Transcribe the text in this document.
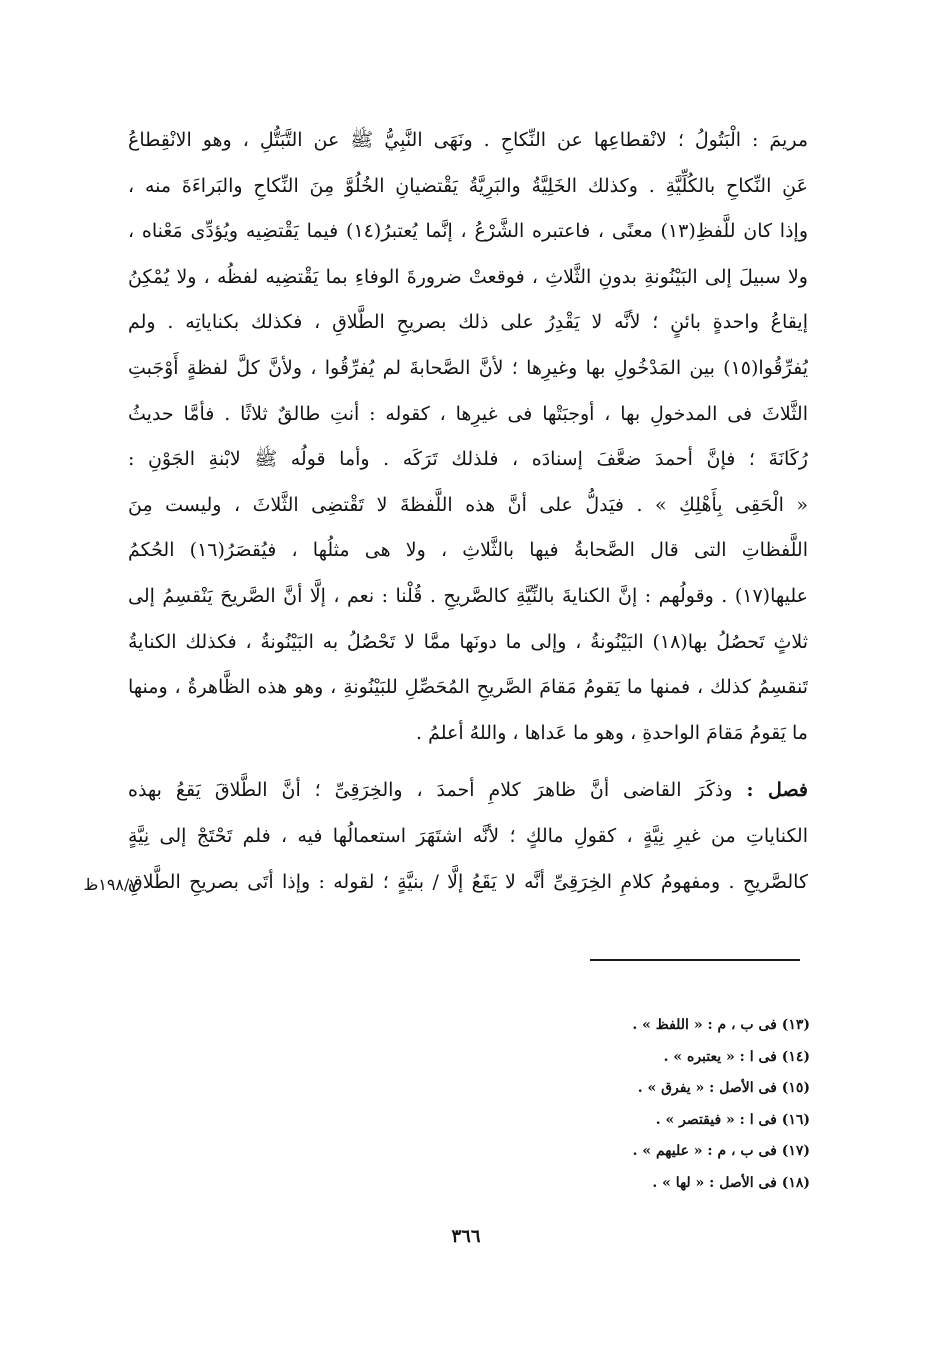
مريمَ : الْبَتُولُ ؛ لانْقطاعِها عن النِّكاحِ . ونَهَى النَّبِيُّ ﷺ عن التَّبَتُّلِ ، وهو الانْقِطاعُ
عَنِ النِّكاحِ بالكُلِّيَّةِ . وكذلك الخَلِيَّةُ والبَرِيَّةُ يَقْتضيانِ الخُلُوَّ مِنَ النِّكاحِ والبَراءَةَ منه ،
وإذا كان للَّفظِ(١٣) معنًى ، فاعتبره الشَّرْعُ ، إنَّما يُعتبرُ(١٤) فيما يَقْتضِيه ويُؤدِّى مَعْناه ،
ولا سبيلَ إلى البَيْنُونةِ بدونِ الثَّلاثِ ، فوقعتْ ضرورةَ الوفاءِ بما يَقْتضِيه لفظُه ، ولا يُمْكِنُ
إيقاعُ واحدةٍ بائنٍ ؛ لأنَّه لا يَقْدِرُ على ذلك بصريحِ الطَّلاقِ ، فكذلك بكناياتِه . ولم
يُفرِّقُوا(١٥) بين المَدْخُولِ بها وغيرِها ؛ لأنَّ الصَّحابةَ لم يُفرِّقُوا ، ولأنَّ كلَّ لفظةٍ أَوْجَبتِ
الثَّلاثَ فى المدخولِ بها ، أوجبَتْها فى غيرِها ، كقوله : أنتِ طالقٌ ثلاثًا . فأمَّا حديثُ
رُكَانَةَ ؛ فإنَّ أحمدَ ضعَّفَ إسنادَه ، فلذلك تَرَكَه . وأما قولُه ﷺ لابْنةِ الجَوْنِ :
« الْحَقِى بِأَهْلِكِ » . فيَدلُّ على أنَّ هذه اللَّفظةَ لا تَقْتضِى الثَّلاثَ ، وليست مِنَ
اللَّفظاتِ التى قال الصَّحابةُ فيها بالثَّلاثِ ، ولا هى مثلُها ، فيُقصَرُ(١٦) الحُكمُ
عليها(١٧) . وقولُهم : إنَّ الكنايةَ بالنِّيَّةِ كالصَّريحِ . قُلْنا : نعم ، إلَّا أنَّ الصَّريحَ يَنْقسِمُ إلى
ثلاثٍ تَحصُلُ بها(١٨) البَيْنُونةُ ، وإلى ما دونَها ممَّا لا تَحْصُلُ به البَيْنُونةُ ، فكذلك الكنايةُ
تَنقسِمُ كذلك ، فمنها ما يَقومُ مَقامَ الصَّريحِ المُحَصِّلِ للبَيْنُونةِ ، وهو هذه الظَّاهرةُ ، ومنها
ما يَقومُ مَقامَ الواحدةِ ، وهو ما عَداها ، واللهُ أعلمُ .
فصل : وذكَرَ القاضى أنَّ ظاهرَ كلامِ أحمدَ ، والخِرَقِىِّ ؛ أنَّ الطَّلاقَ يَقعُ بهذه
الكناياتِ من غيرِ نِيَّةٍ ، كقولِ مالكٍ ؛ لأنَّه اشتَهَرَ استعمالُها فيه ، فلم تَحْتَجْ إلى نِيَّةٍ
كالصَّريحِ . ومفهومُ كلامِ الخِرَقِىِّ أنَّه لا يَقَعُ إلَّا / بنيَّةٍ ؛ لقوله : وإذا أتَى بصريحِ الطَّلاقِ
١٩٨/٧ظ
(١٣) فى ب ، م : « اللفظ » .
(١٤) فى ا : « يعتبره » .
(١٥) فى الأصل : « يفرق » .
(١٦) فى ا : « فيقتصر » .
(١٧) فى ب ، م : « عليهم » .
(١٨) فى الأصل : « لها » .
٣٦٦
